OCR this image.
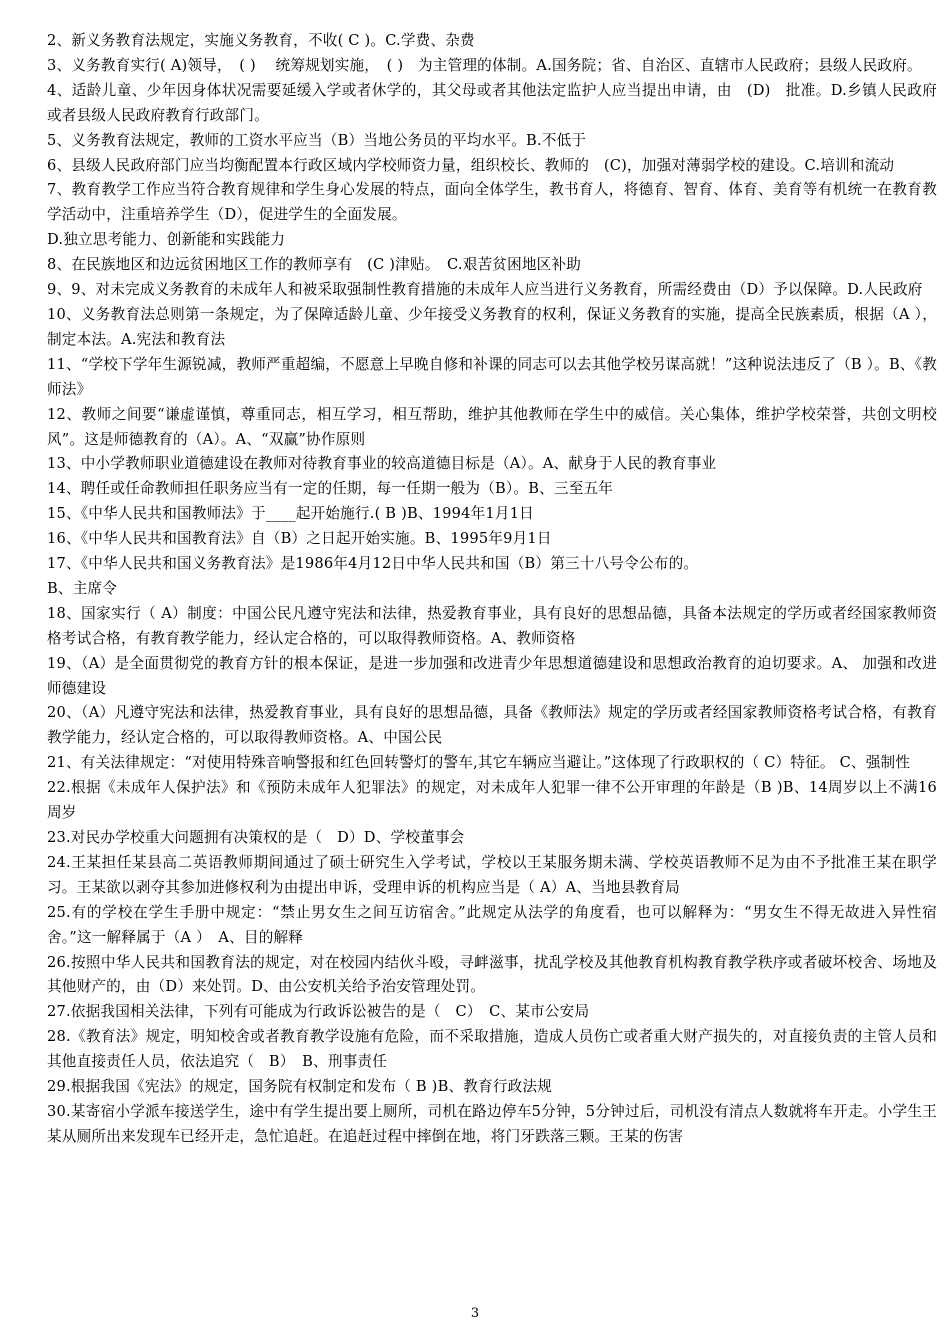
2、新义务教育法规定，实施义务教育，不收( C )。C.学费、杂费

3、义务教育实行( A)领导，　( )　 统筹规划实施，　( )　为主管理的体制。A.国务院；省、自治区、直辖市人民政府；县级人民政府。

4、适龄儿童、少年因身体状况需要延缓入学或者休学的，其父母或者其他法定监护人应当提出申请，由　(D)　批准。D.乡镇人民政府或者县级人民政府教育行政部门。

5、义务教育法规定，教师的工资水平应当（B）当地公务员的平均水平。B.不低于

6、县级人民政府部门应当均衡配置本行政区域内学校师资力量，组织校长、教师的　(C)，加强对薄弱学校的建设。C.培训和流动

7、教育教学工作应当符合教育规律和学生身心发展的特点，面向全体学生，教书育人，将德育、智育、体育、美育等有机统一在教育教学活动中，注重培养学生（D），促进学生的全面发展。

D.独立思考能力、创新能和实践能力

8、在民族地区和边远贫困地区工作的教师享有　(C )津贴。　C.艰苦贫困地区补助

9、9、对未完成义务教育的未成年人和被采取强制性教育措施的未成年人应当进行义务教育，所需经费由（D）予以保障。D.人民政府

10、义务教育法总则第一条规定，为了保障适龄儿童、少年接受义务教育的权利，保证义务教育的实施，提高全民族素质，根据（A ），制定本法。A.宪法和教育法

11、“学校下学年生源锐减，教师严重超编，不愿意上早晚自修和补课的同志可以去其他学校另谋高就！”这种说法违反了（B ）。B、《教师法》

12、教师之间要“谦虚谨慎，尊重同志，相互学习，相互帮助，维护其他教师在学生中的威信。关心集体，维护学校荣誉，共创文明校风”。这是师德教育的（A）。A、“双赢”协作原则

13、中小学教师职业道德建设在教师对待教育事业的较高道德目标是（A）。A、献身于人民的教育事业

14、聘任或任命教师担任职务应当有一定的任期，每一任期一般为（B）。B、三至五年

15、《中华人民共和国教师法》于____起开始施行.( B )B、1994年1月1日

16、《中华人民共和国教育法》自（B）之日起开始实施。B、1995年9月1日

17、《中华人民共和国义务教育法》是1986年4月12日中华人民共和国（B）第三十八号令公布的。

B、主席令

18、国家实行（ A）制度：中国公民凡遵守宪法和法律，热爱教育事业，具有良好的思想品德，具备本法规定的学历或者经国家教师资格考试合格，有教育教学能力，经认定合格的，可以取得教师资格。A、教师资格

19、（A）是全面贯彻党的教育方针的根本保证，是进一步加强和改进青少年思想道德建设和思想政治教育的迫切要求。A、 加强和改进师德建设

20、（A）凡遵守宪法和法律，热爱教育事业，具有良好的思想品德，具备《教师法》规定的学历或者经国家教师资格考试合格，有教育教学能力，经认定合格的，可以取得教师资格。A、中国公民

21、有关法律规定：“对使用特殊音响警报和红色回转警灯的警车,其它车辆应当避让。”这体现了行政职权的（ C）特征。 C、强制性

22.根据《未成年人保护法》和《预防未成年人犯罪法》的规定，对未成年人犯罪一律不公开审理的年龄是（B )B、14周岁以上不满16周岁

23.对民办学校重大问题拥有决策权的是（　D）D、学校董事会

24.王某担任某县高二英语教师期间通过了硕士研究生入学考试，学校以王某服务期未满、学校英语教师不足为由不予批准王某在职学习。王某欲以剥夺其参加进修权利为由提出申诉，受理申诉的机构应当是（ A）A、当地县教育局

25.有的学校在学生手册中规定：“禁止男女生之间互访宿舍。”此规定从法学的角度看，也可以解释为：“男女生不得无故进入异性宿舍。”这一解释属于（A ）　A、目的解释

26.按照中华人民共和国教育法的规定，对在校园内结伙斗殴，寻衅滋事，扰乱学校及其他教育机构教育教学秩序或者破坏校舍、场地及其他财产的，由（D）来处罚。D、由公安机关给予治安管理处罚。

27.依据我国相关法律，下列有可能成为行政诉讼被告的是（　C）　C、某市公安局

28.《教育法》规定，明知校舍或者教育教学设施有危险，而不采取措施，造成人员伤亡或者重大财产损失的，对直接负责的主管人员和其他直接责任人员，依法追究（　B）　B、刑事责任

29.根据我国《宪法》的规定，国务院有权制定和发布（ B )B、教育行政法规

30.某寄宿小学派车接送学生，途中有学生提出要上厕所，司机在路边停车5分钟，5分钟过后，司机没有清点人数就将车开走。小学生王某从厕所出来发现车已经开走，急忙追赶。在追赶过程中摔倒在地，将门牙跌落三颗。王某的伤害

3
